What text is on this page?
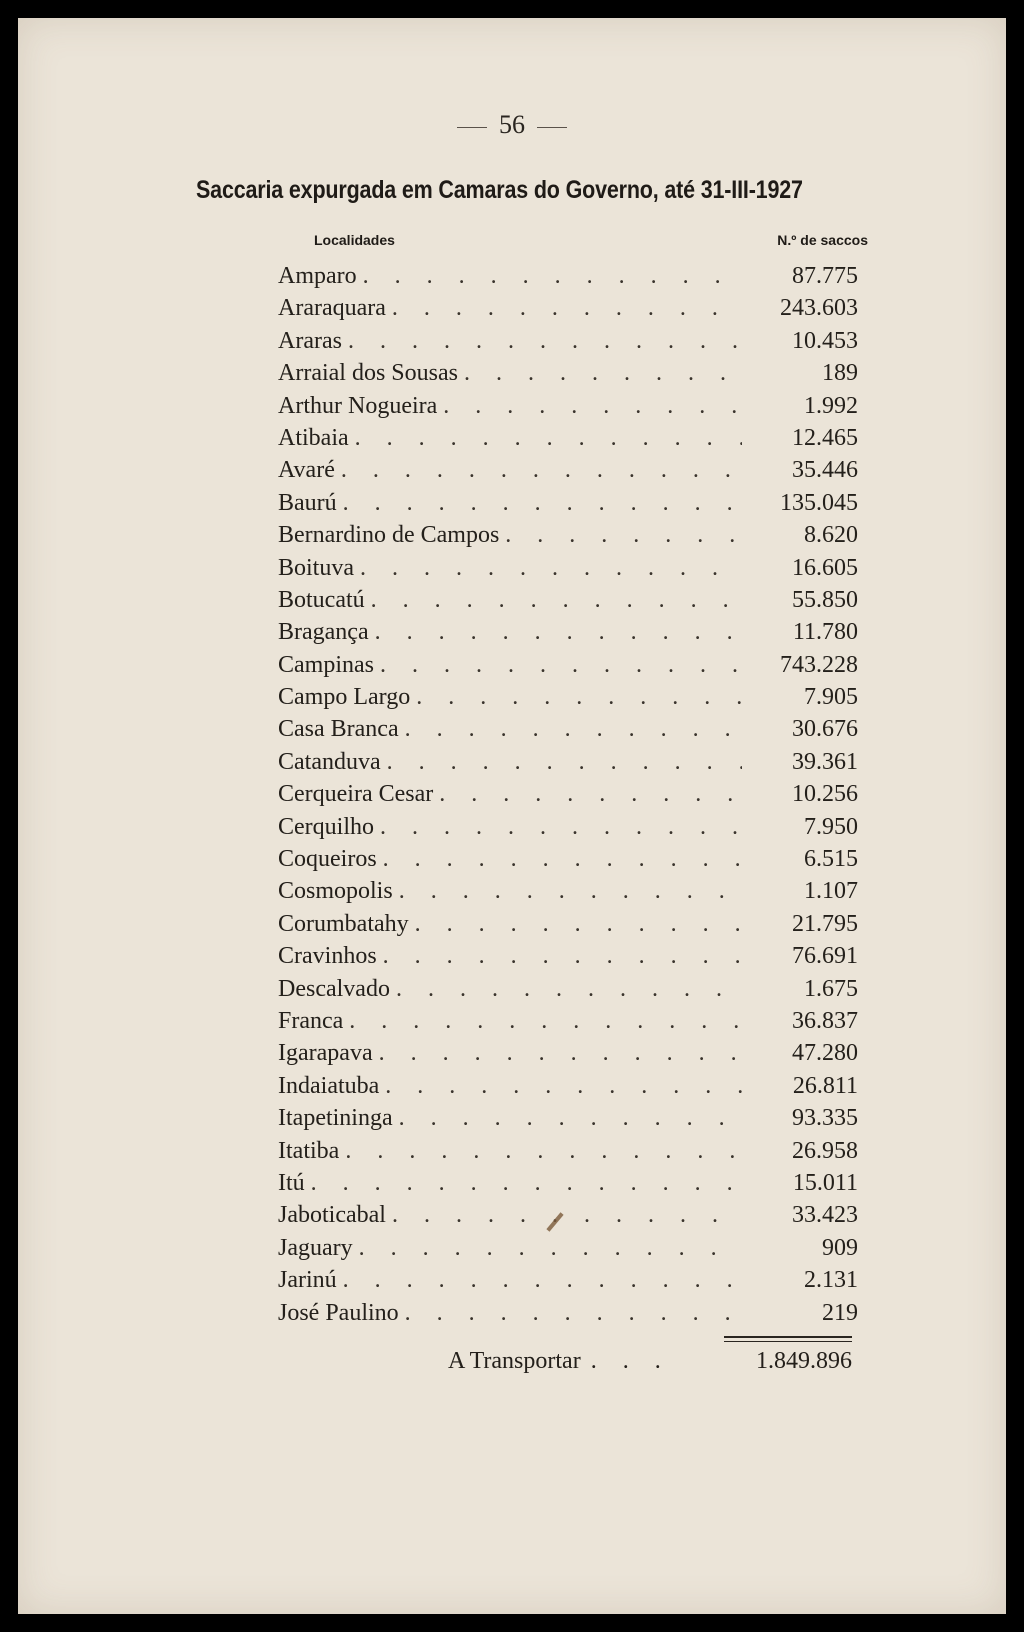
56
Saccaria expurgada em Camaras do Governo, até 31-III-1927
Localidades	N.º de saccos
Amparo . . .	87.775
Araraquara . . .	243.603
Araras . . .	10.453
Arraial dos Sousas . . .	189
Arthur Nogueira . . .	1.992
Atibaia . . .	12.465
Avaré . . .	35.446
Baurú . . .	135.045
Bernardino de Campos . . .	8.620
Boituva . . .	16.605
Botucatú . . .	55.850
Bragança . . .	11.780
Campinas . . .	743.228
Campo Largo . . .	7.905
Casa Branca . . .	30.676
Catanduva . . .	39.361
Cerqueira Cesar . . .	10.256
Cerquilho . . .	7.950
Coqueiros . . .	6.515
Cosmopolis . . .	1.107
Corumbatahy . . .	21.795
Cravinhos . . .	76.691
Descalvado . . .	1.675
Franca . . .	36.837
Igarapava . . .	47.280
Indaiatuba . . .	26.811
Itapetininga . . .	93.335
Itatiba . . .	26.958
Itú . . .	15.011
Jaboticabal . . .	33.423
Jaguary . . .	909
Jarinú . . .	2.131
José Paulino . . .	219
A Transportar . . .	1.849.896
